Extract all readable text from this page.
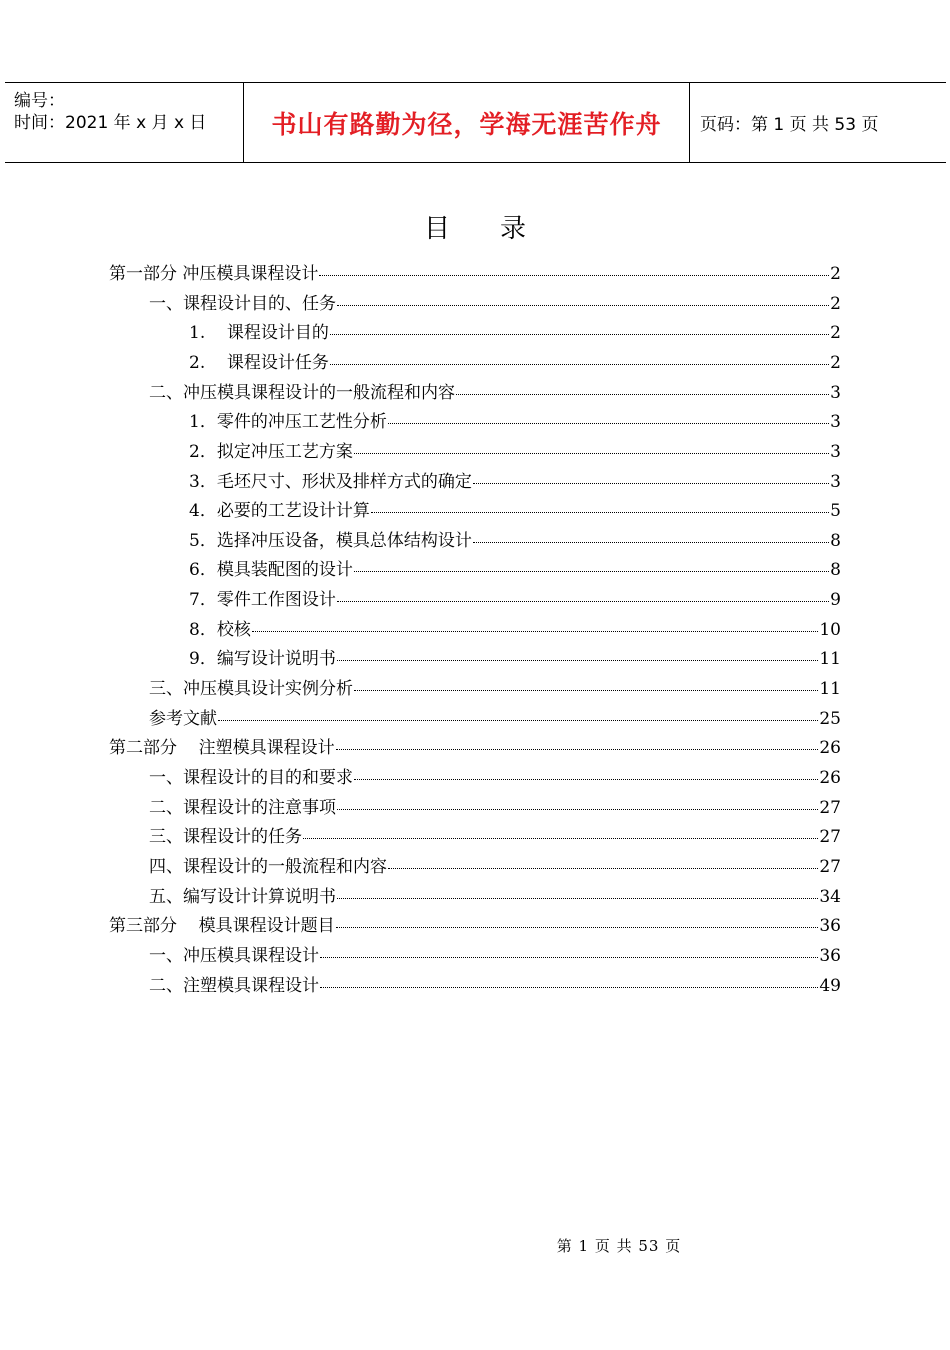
编号：
时间：2021 年 x 月 x 日	书山有路勤为径，学海无涯苦作舟 页码：第 1 页 共 53 页
目录
第一部分 冲压模具课程设计	2
一、课程设计目的、任务	2
1.    课程设计目的	2
2.    课程设计任务	2
二、冲压模具课程设计的一般流程和内容	3
1．零件的冲压工艺性分析	3
2．拟定冲压工艺方案	3
3．毛坯尺寸、形状及排样方式的确定	3
4．必要的工艺设计计算	5
5．选择冲压设备，模具总体结构设计	8
6．模具装配图的设计	8
7．零件工作图设计	9
8．校核	10
9．编写设计说明书	11
三、冲压模具设计实例分析	11
参考文献	25
第二部分    注塑模具课程设计	26
一、课程设计的目的和要求	26
二、课程设计的注意事项	27
三、课程设计的任务	27
四、课程设计的一般流程和内容	27
五、编写设计计算说明书	34
第三部分    模具课程设计题目	36
一、冲压模具课程设计	36
二、注塑模具课程设计	49
第 1 页 共 53 页
